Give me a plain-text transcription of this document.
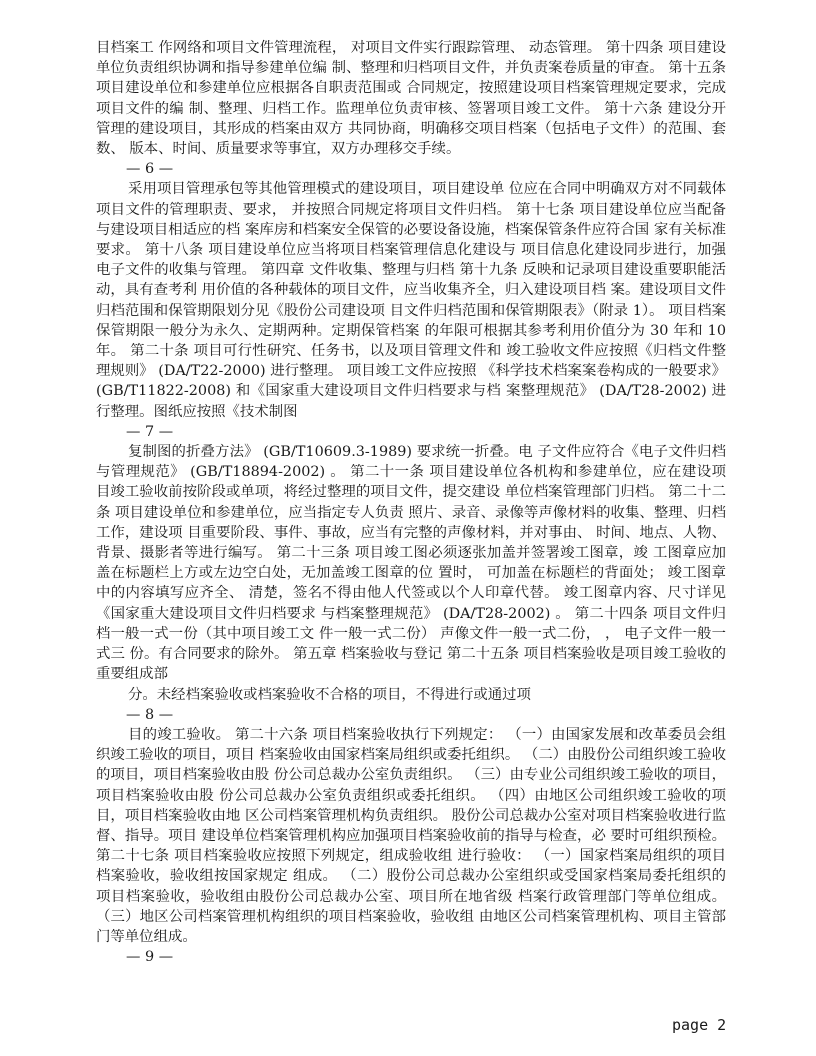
目档案工 作网络和项目文件管理流程， 对项目文件实行跟踪管理、 动态管理。 第十四条 项目建设单位负责组织协调和指导参建单位编 制、整理和归档项目文件，并负责案卷质量的审查。 第十五条 项目建设单位和参建单位应根据各自职责范围或 合同规定，按照建设项目档案管理规定要求，完成项目文件的编 制、整理、归档工作。监理单位负责审核、签署项目竣工文件。 第十六条 建设分开管理的建设项目，其形成的档案由双方 共同协商，明确移交项目档案（包括电子文件）的范围、套数、 版本、时间、质量要求等事宜，双方办理移交手续。

— 6 —

采用项目管理承包等其他管理模式的建设项目，项目建设单 位应在合同中明确双方对不同载体项目文件的管理职责、要求， 并按照合同规定将项目文件归档。 第十七条 项目建设单位应当配备与建设项目相适应的档 案库房和档案安全保管的必要设备设施，档案保管条件应符合国 家有关标准要求。 第十八条 项目建设单位应当将项目档案管理信息化建设与 项目信息化建设同步进行，加强电子文件的收集与管理。 第四章 文件收集、整理与归档 第十九条 反映和记录项目建设重要职能活动，具有查考利 用价值的各种载体的项目文件，应当收集齐全，归入建设项目档 案。建设项目文件归档范围和保管期限划分见《股份公司建设项 目文件归档范围和保管期限表》（附录 1）。 项目档案保管期限一般分为永久、定期两种。定期保管档案 的年限可根据其参考利用价值分为 30 年和 10 年。 第二十条 项目可行性研究、任务书，以及项目管理文件和 竣工验收文件应按照《归档文件整理规则》 (DA/T22-2000) 进行整理。 项目竣工文件应按照 《科学技术档案案卷构成的一般要求》 (GB/T11822-2008) 和《国家重大建设项目文件归档要求与档 案整理规范》 (DA/T28-2002) 进行整理。图纸应按照《技术制图

— 7 —

复制图的折叠方法》 (GB/T10609.3-1989) 要求统一折叠。电 子文件应符合《电子文件归档与管理规范》 (GB/T18894-2002) 。 第二十一条 项目建设单位各机构和参建单位，应在建设项 目竣工验收前按阶段或单项，将经过整理的项目文件，提交建设 单位档案管理部门归档。 第二十二条 项目建设单位和参建单位，应当指定专人负责 照片、录音、录像等声像材料的收集、整理、归档工作，建设项 目重要阶段、事件、事故，应当有完整的声像材料，并对事由、 时间、地点、人物、背景、摄影者等进行编写。 第二十三条 项目竣工图必须逐张加盖并签署竣工图章，竣 工图章应加盖在标题栏上方或左边空白处，无加盖竣工图章的位 置时， 可加盖在标题栏的背面处； 竣工图章中的内容填写应齐全、 清楚，签名不得由他人代签或以个人印章代替。 竣工图章内容、尺寸详见《国家重大建设项目文件归档要求 与档案整理规范》 (DA/T28-2002) 。 第二十四条 项目文件归档一般一式一份（其中项目竣工文 件一般一式二份） 声像文件一般一式二份， ， 电子文件一般一式三 份。有合同要求的除外。 第五章 档案验收与登记 第二十五条 项目档案验收是项目竣工验收的重要组成部

分。未经档案验收或档案验收不合格的项目，不得进行或通过项

— 8 —

目的竣工验收。 第二十六条 项目档案验收执行下列规定： （一）由国家发展和改革委员会组织竣工验收的项目，项目 档案验收由国家档案局组织或委托组织。 （二）由股份公司组织竣工验收的项目，项目档案验收由股 份公司总裁办公室负责组织。 （三）由专业公司组织竣工验收的项目，项目档案验收由股 份公司总裁办公室负责组织或委托组织。 （四）由地区公司组织竣工验收的项目，项目档案验收由地 区公司档案管理机构负责组织。 股份公司总裁办公室对项目档案验收进行监督、指导。项目 建设单位档案管理机构应加强项目档案验收前的指导与检查，必 要时可组织预检。 第二十七条 项目档案验收应按照下列规定，组成验收组 进行验收： （一）国家档案局组织的项目档案验收，验收组按国家规定 组成。 （二）股份公司总裁办公室组织或受国家档案局委托组织的 项目档案验收，验收组由股份公司总裁办公室、项目所在地省级 档案行政管理部门等单位组成。 （三）地区公司档案管理机构组织的项目档案验收，验收组 由地区公司档案管理机构、项目主管部门等单位组成。

— 9 —

page 2
